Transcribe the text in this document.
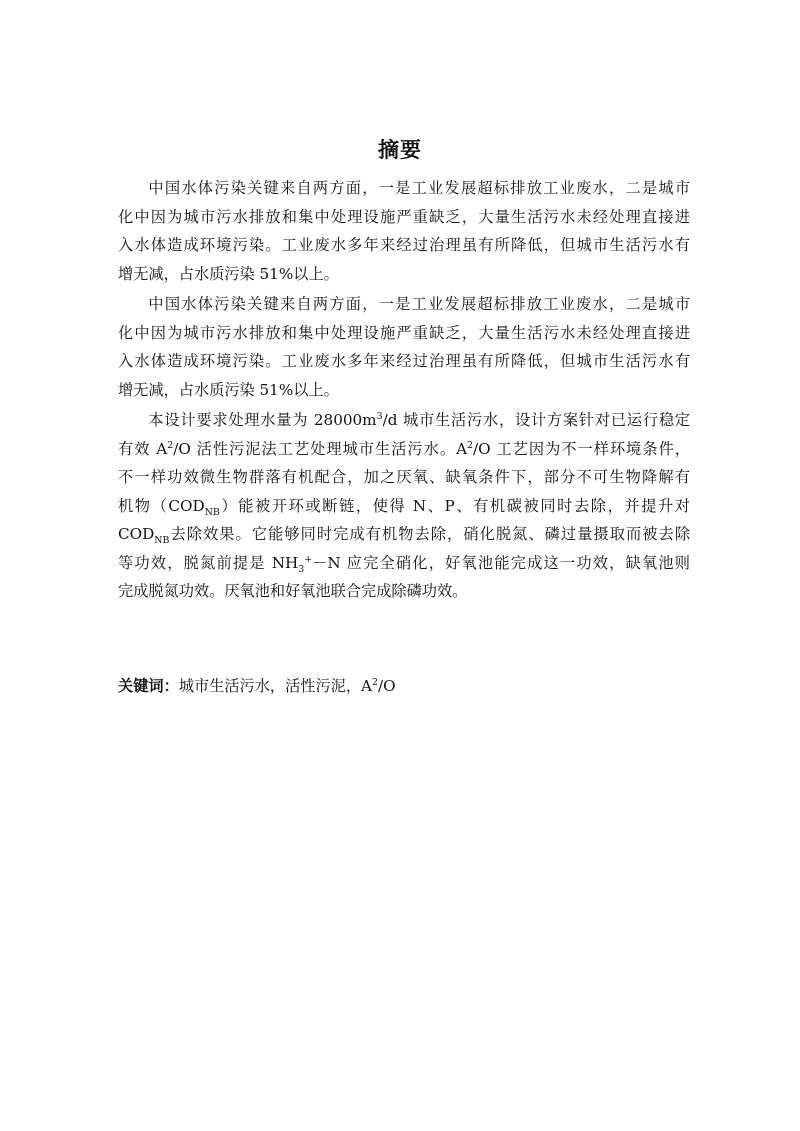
摘要
中国水体污染关键来自两方面，一是工业发展超标排放工业废水，二是城市
化中因为城市污水排放和集中处理设施严重缺乏，大量生活污水未经处理直接进
入水体造成环境污染。工业废水多年来经过治理虽有所降低，但城市生活污水有
增无减，占水质污染 51%以上。
中国水体污染关键来自两方面，一是工业发展超标排放工业废水，二是城市
化中因为城市污水排放和集中处理设施严重缺乏，大量生活污水未经处理直接进
入水体造成环境污染。工业废水多年来经过治理虽有所降低，但城市生活污水有
增无减，占水质污染 51%以上。
本设计要求处理水量为 $28000m^3/d$ 城市生活污水，设计方案针对已运行稳定
有效 $A^2/O$ 活性污泥法工艺处理城市生活污水。$A^2/O$ 工艺因为不一样环境条件，
不一样功效微生物群落有机配合，加之厌氧、缺氧条件下，部分不可生物降解有
机物$(COD_{NB})$能被开环或断链，使得 N、P、有机碳被同时去除，并提升对
$COD_{NB}$去除效果。它能够同时完成有机物去除，硝化脱氮、磷过量摄取而被去除
等功效，脱氮前提是 $NH_3^+-N$ 应完全硝化，好氧池能完成这一功效，缺氧池则
完成脱氮功效。厌氧池和好氧池联合完成除磷功效。
关键词：城市生活污水，活性污泥，$A^2/O$
